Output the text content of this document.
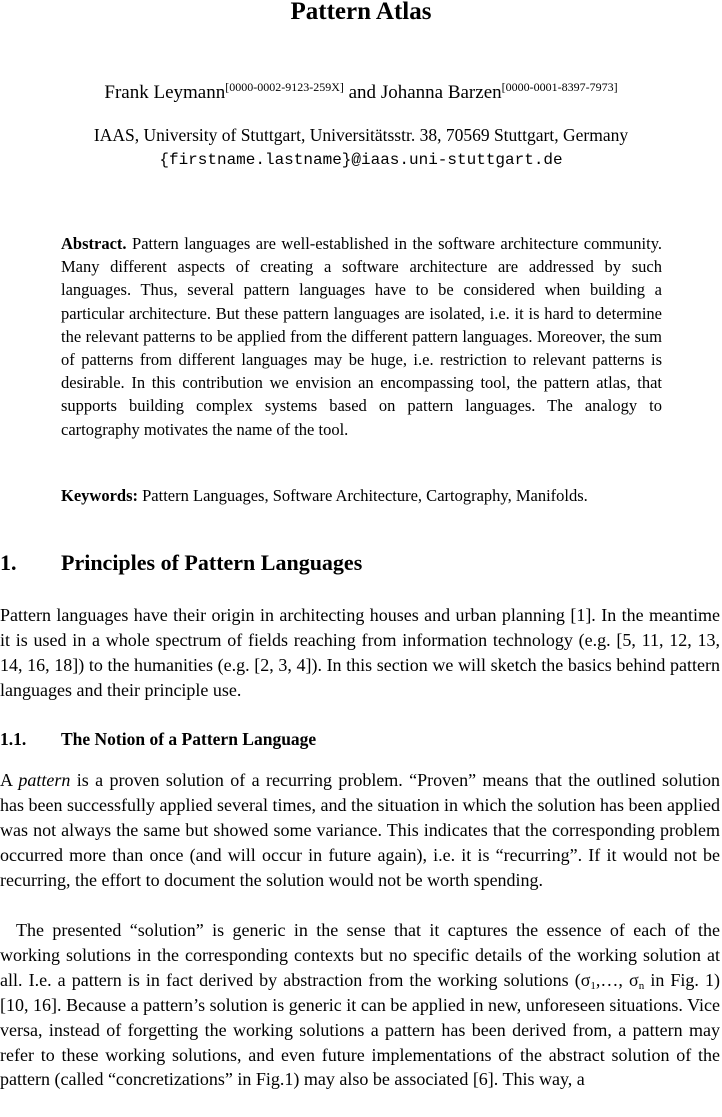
Pattern Atlas
Frank Leymann[0000-0002-9123-259X] and Johanna Barzen[0000-0001-8397-7973]
IAAS, University of Stuttgart, Universitätsstr. 38, 70569 Stuttgart, Germany
{firstname.lastname}@iaas.uni-stuttgart.de

Abstract. Pattern languages are well-established in the software architecture community. Many different aspects of creating a software architecture are addressed by such languages. Thus, several pattern languages have to be considered when building a particular architecture. But these pattern languages are isolated, i.e. it is hard to determine the relevant patterns to be applied from the different pattern languages. Moreover, the sum of patterns from different languages may be huge, i.e. restriction to relevant patterns is desirable. In this contribution we envision an encompassing tool, the pattern atlas, that supports building complex systems based on pattern languages. The analogy to cartography motivates the name of the tool.

Keywords: Pattern Languages, Software Architecture, Cartography, Manifolds.

1. Principles of Pattern Languages

Pattern languages have their origin in architecting houses and urban planning [1]. In the meantime it is used in a whole spectrum of fields reaching from information technology (e.g. [5, 11, 12, 13, 14, 16, 18]) to the humanities (e.g. [2, 3, 4]). In this section we will sketch the basics behind pattern languages and their principle use.

1.1. The Notion of a Pattern Language

A pattern is a proven solution of a recurring problem. “Proven” means that the outlined solution has been successfully applied several times, and the situation in which the solution has been applied was not always the same but showed some variance. This indicates that the corresponding problem occurred more than once (and will occur in future again), i.e. it is “recurring”. If it would not be recurring, the effort to document the solution would not be worth spending.

The presented “solution” is generic in the sense that it captures the essence of each of the working solutions in the corresponding contexts but no specific details of the working solution at all. I.e. a pattern is in fact derived by abstraction from the working solutions ($\sigma_1,\dots$, $\sigma_n$ in Fig. 1) [10, 16]. Because a pattern’s solution is generic it can be applied in new, unforeseen situations. Vice versa, instead of forgetting the working solutions a pattern has been derived from, a pattern may refer to these working solutions, and even future implementations of the abstract solution of the pattern (called “concretizations” in Fig.1) may also be associated [6]. This way, a
